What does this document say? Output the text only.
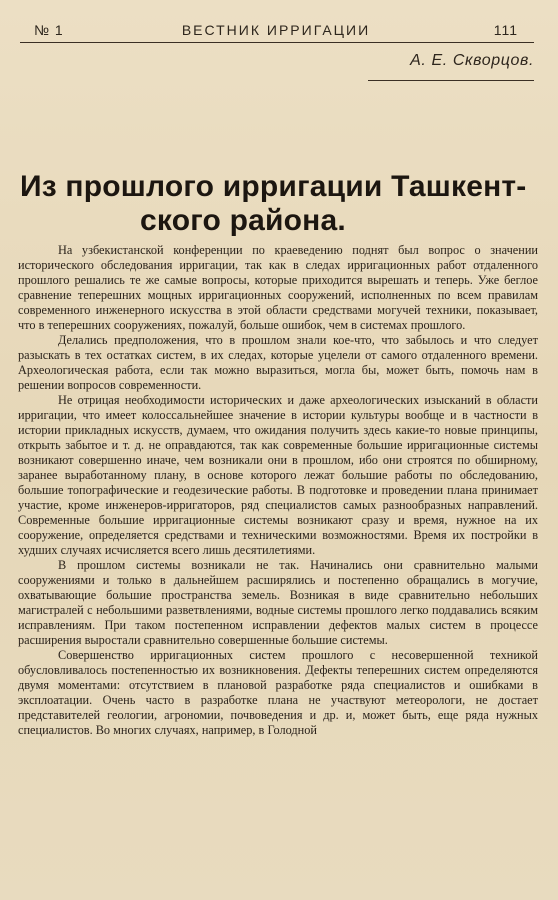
№ 1	ВЕСТНИК ИРРИГАЦИИ	111
А. Е. Скворцов.
Из прошлого ирригации Ташкент-
ского района.

На узбекистанской конференции по краеведению поднят был вопрос о значении исторического обследования ирригации, так как в следах ирригационных работ отдаленного прошлого решались те же самые вопросы, которые приходится вырешать и теперь. Уже беглое сравнение теперешних мощных ирригационных сооружений, исполненных по всем правилам современного инженерного искусства в этой области средствами могучей техники, показывает, что в теперешних сооружениях, пожалуй, больше ошибок, чем в системах прошлого.

Делались предположения, что в прошлом знали кое-что, что забылось и что следует разыскать в тех остатках систем, в их следах, которые уцелели от самого отдаленного времени. Археологическая работа, если так можно выразиться, могла бы, может быть, помочь нам в решении вопросов современности.

Не отрицая необходимости исторических и даже археологических изысканий в области ирригации, что имеет колоссальнейшее значение в истории культуры вообще и в частности в истории прикладных искусств, думаем, что ожидания получить здесь какие-то новые принципы, открыть забытое и т. д. не оправдаются, так как современные большие ирригационные системы возникают совершенно иначе, чем возникали они в прошлом, ибо они строятся по обширному, заранее выработанному плану, в основе которого лежат большие работы по обследованию, большие топографические и геодезические работы. В подготовке и проведении плана принимает участие, кроме инженеров-ирригаторов, ряд специалистов самых разнообразных направлений. Современные большие ирригационные системы возникают сразу и время, нужное на их сооружение, определяется средствами и техническими возможностями. Время их постройки в худших случаях исчисляется всего лишь десятилетиями.

В прошлом системы возникали не так. Начинались они сравнительно малыми сооружениями и только в дальнейшем расширялись и постепенно обращались в могучие, охватывающие большие пространства земель. Возникая в виде сравнительно небольших магистралей с небольшими разветвлениями, водные системы прошлого легко поддавались всяким исправлениям. При таком постепенном исправлении дефектов малых систем в процессе расширения выростали сравнительно совершенные большие системы.

Совершенство ирригационных систем прошлого с несовершенной техникой обусловливалось постепенностью их возникновения. Дефекты теперешних систем определяются двумя моментами: отсутствием в плановой разработке ряда специалистов и ошибками в эксплоатации. Очень часто в разработке плана не участвуют метеорологи, не достает представителей геологии, агрономии, почвоведения и др. и, может быть, еще ряда нужных специалистов. Во многих случаях, например, в Голодной
